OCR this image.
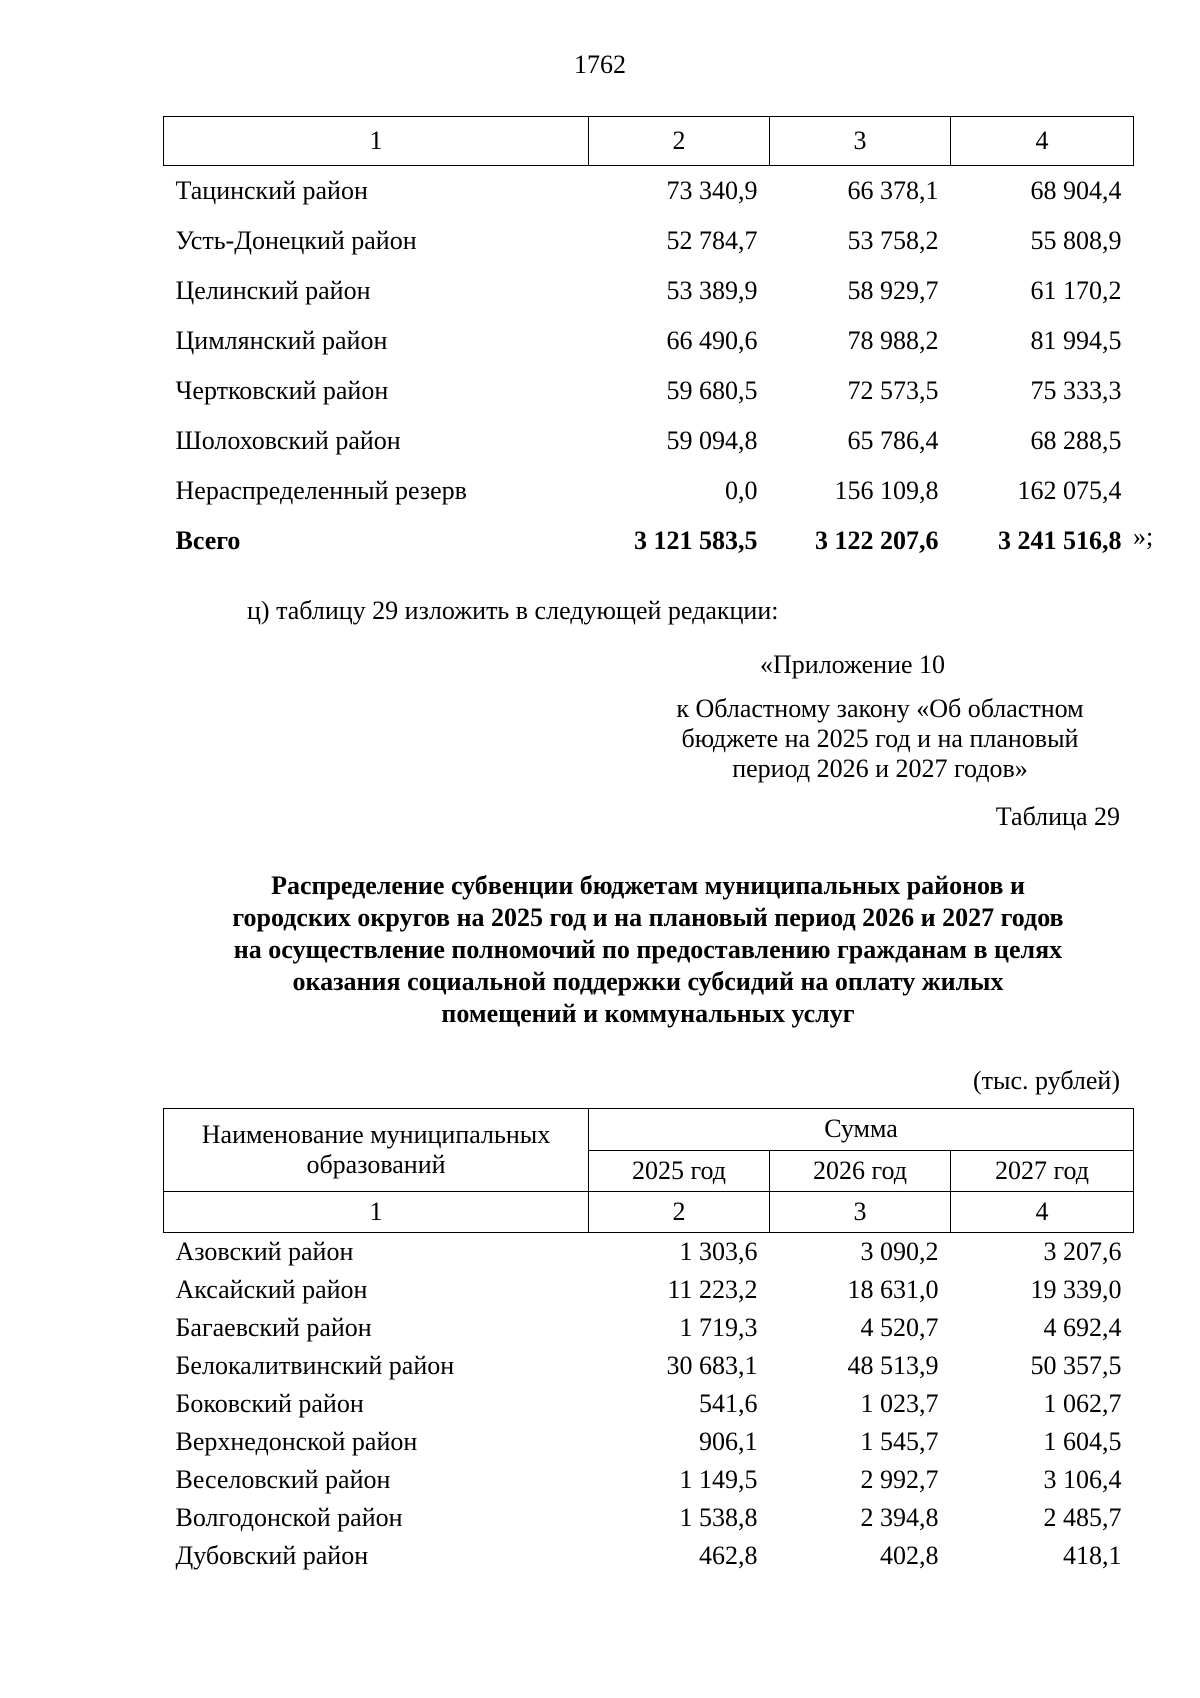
1762
1	2	3	4
Тацинский район	73 340,9	66 378,1	68 904,4
Усть-Донецкий район	52 784,7	53 758,2	55 808,9
Целинский район	53 389,9	58 929,7	61 170,2
Цимлянский район	66 490,6	78 988,2	81 994,5
Чертковский район	59 680,5	72 573,5	75 333,3
Шолоховский район	59 094,8	65 786,4	68 288,5
Нераспределенный резерв	0,0	156 109,8	162 075,4
Всего	3 121 583,5	3 122 207,6	3 241 516,8 »;
ц) таблицу 29 изложить в следующей редакции:
«Приложение 10
к Областному закону «Об областном
бюджете на 2025 год и на плановый
период 2026 и 2027 годов»
Таблица 29
Распределение субвенции бюджетам муниципальных районов и
городских округов на 2025 год и на плановый период 2026 и 2027 годов
на осуществление полномочий по предоставлению гражданам в целях
оказания социальной поддержки субсидий на оплату жилых
помещений и коммунальных услуг
(тыс. рублей)
Наименование муниципальных
образований	Сумма		
	2025 год	2026 год	2027 год
1	2	3	4
Азовский район	1 303,6	3 090,2	3 207,6
Аксайский район	11 223,2	18 631,0	19 339,0
Багаевский район	1 719,3	4 520,7	4 692,4
Белокалитвинский район	30 683,1	48 513,9	50 357,5
Боковский район	541,6	1 023,7	1 062,7
Верхнедонской район	906,1	1 545,7	1 604,5
Веселовский район	1 149,5	2 992,7	3 106,4
Волгодонской район	1 538,8	2 394,8	2 485,7
Дубовский район	462,8	402,8	418,1
